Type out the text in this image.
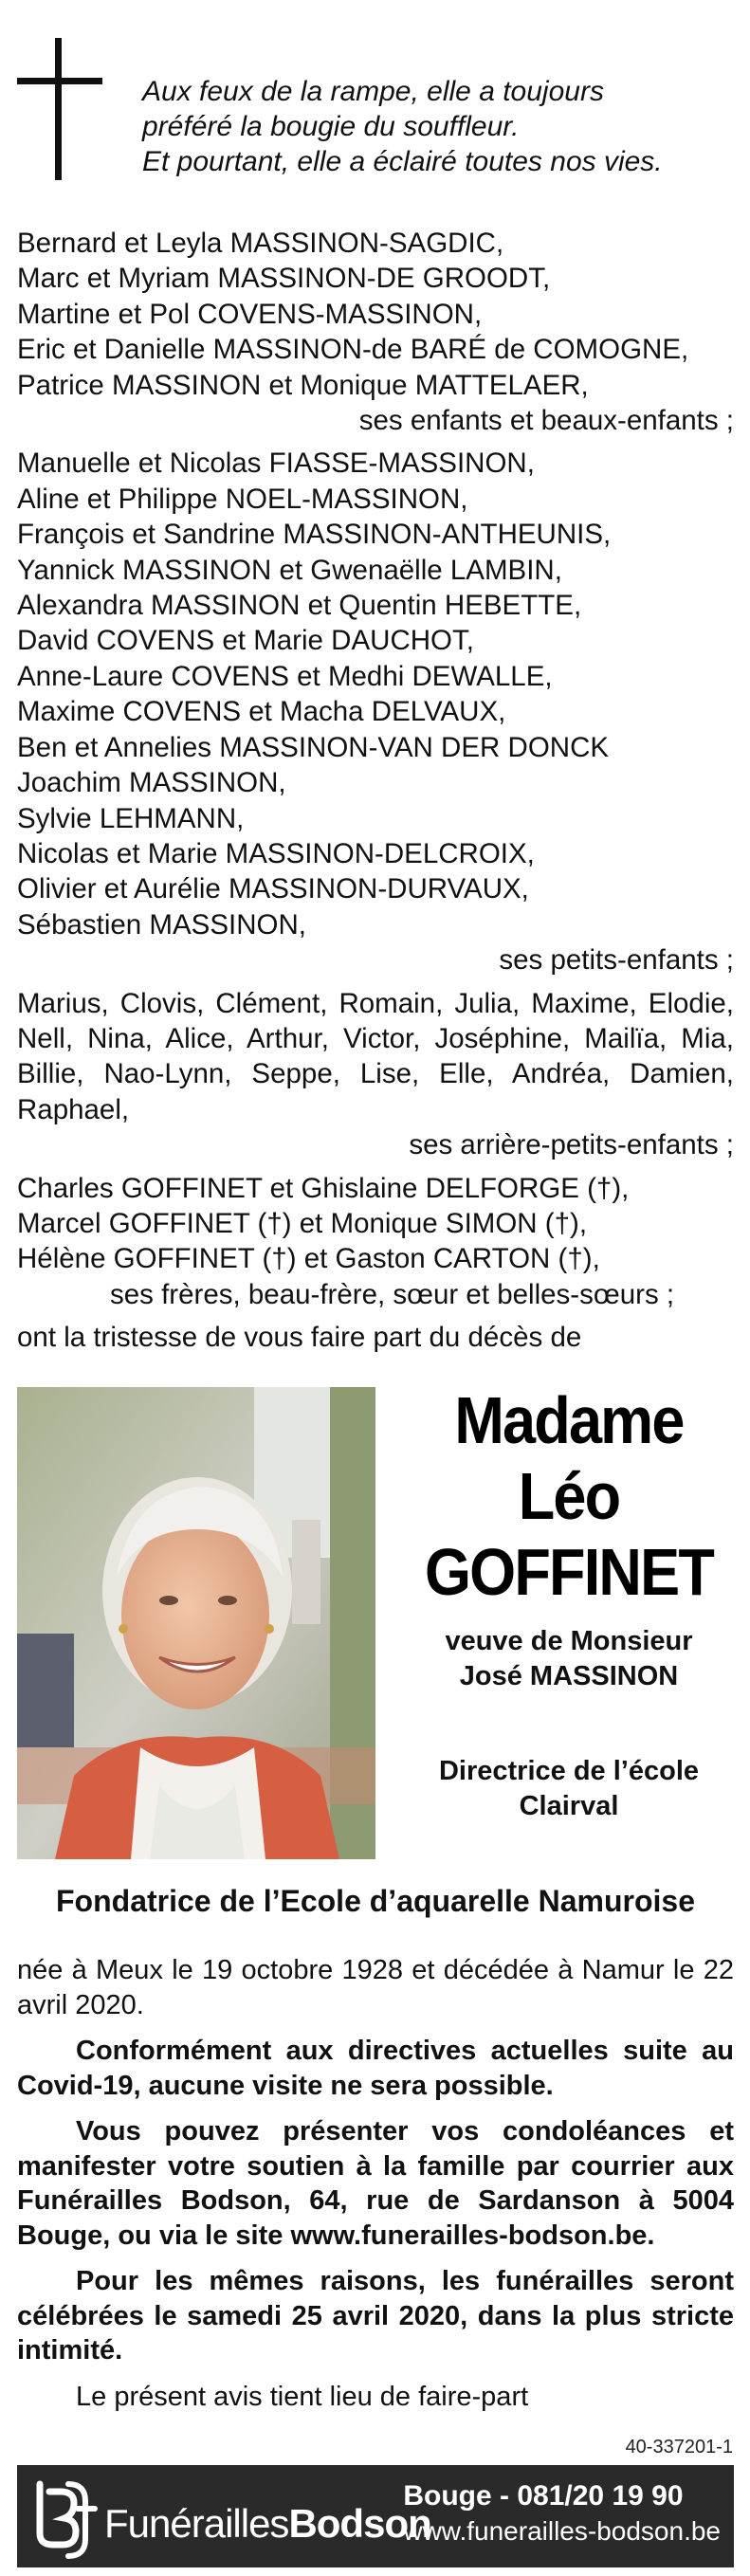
Aux feux de la rampe, elle a toujours
préféré la bougie du souffleur.
Et pourtant, elle a éclairé toutes nos vies.
Bernard et Leyla MASSINON-SAGDIC,
Marc et Myriam MASSINON-DE GROODT,
Martine et Pol COVENS-MASSINON,
Eric et Danielle MASSINON-de BARÉ de COMOGNE,
Patrice MASSINON et Monique MATTELAER,
ses enfants et beaux-enfants ;
Manuelle et Nicolas FIASSE-MASSINON,
Aline et Philippe NOEL-MASSINON,
François et Sandrine MASSINON-ANTHEUNIS,
Yannick MASSINON et Gwenaëlle LAMBIN,
Alexandra MASSINON et Quentin HEBETTE,
David COVENS et Marie DAUCHOT,
Anne-Laure COVENS et Medhi DEWALLE,
Maxime COVENS et Macha DELVAUX,
Ben et Annelies MASSINON-VAN DER DONCK
Joachim MASSINON,
Sylvie LEHMANN,
Nicolas et Marie MASSINON-DELCROIX,
Olivier et Aurélie MASSINON-DURVAUX,
Sébastien MASSINON,
ses petits-enfants ;
Marius, Clovis, Clément, Romain, Julia, Maxime, Elodie, Nell, Nina, Alice, Arthur, Victor, Joséphine, Mailïa, Mia, Billie, Nao-Lynn, Seppe, Lise, Elle, Andréa, Damien, Raphael,
ses arrière-petits-enfants ;
Charles GOFFINET et Ghislaine DELFORGE (†),
Marcel GOFFINET (†) et Monique SIMON (†),
Hélène GOFFINET (†) et Gaston CARTON (†),
ses frères, beau-frère, sœur et belles-sœurs ;
ont la tristesse de vous faire part du décès de
Madame
Léo
GOFFINET
veuve de Monsieur
José MASSINON
Directrice de l’école
Clairval
Fondatrice de l’Ecole d’aquarelle Namuroise

née à Meux le 19 octobre 1928 et décédée à Namur le 22 avril 2020.

Conformément aux directives actuelles suite au Covid-19, aucune visite ne sera possible.

Vous pouvez présenter vos condoléances et manifester votre soutien à la famille par courrier aux Funérailles Bodson, 64, rue de Sardanson à 5004 Bouge, ou via le site www.funerailles-bodson.be.

Pour les mêmes raisons, les funérailles seront célébrées le samedi 25 avril 2020, dans la plus stricte intimité.

Le présent avis tient lieu de faire-part

40-337201-1
FunéraillesBodson
Bouge - 081/20 19 90
www.funerailles-bodson.be
